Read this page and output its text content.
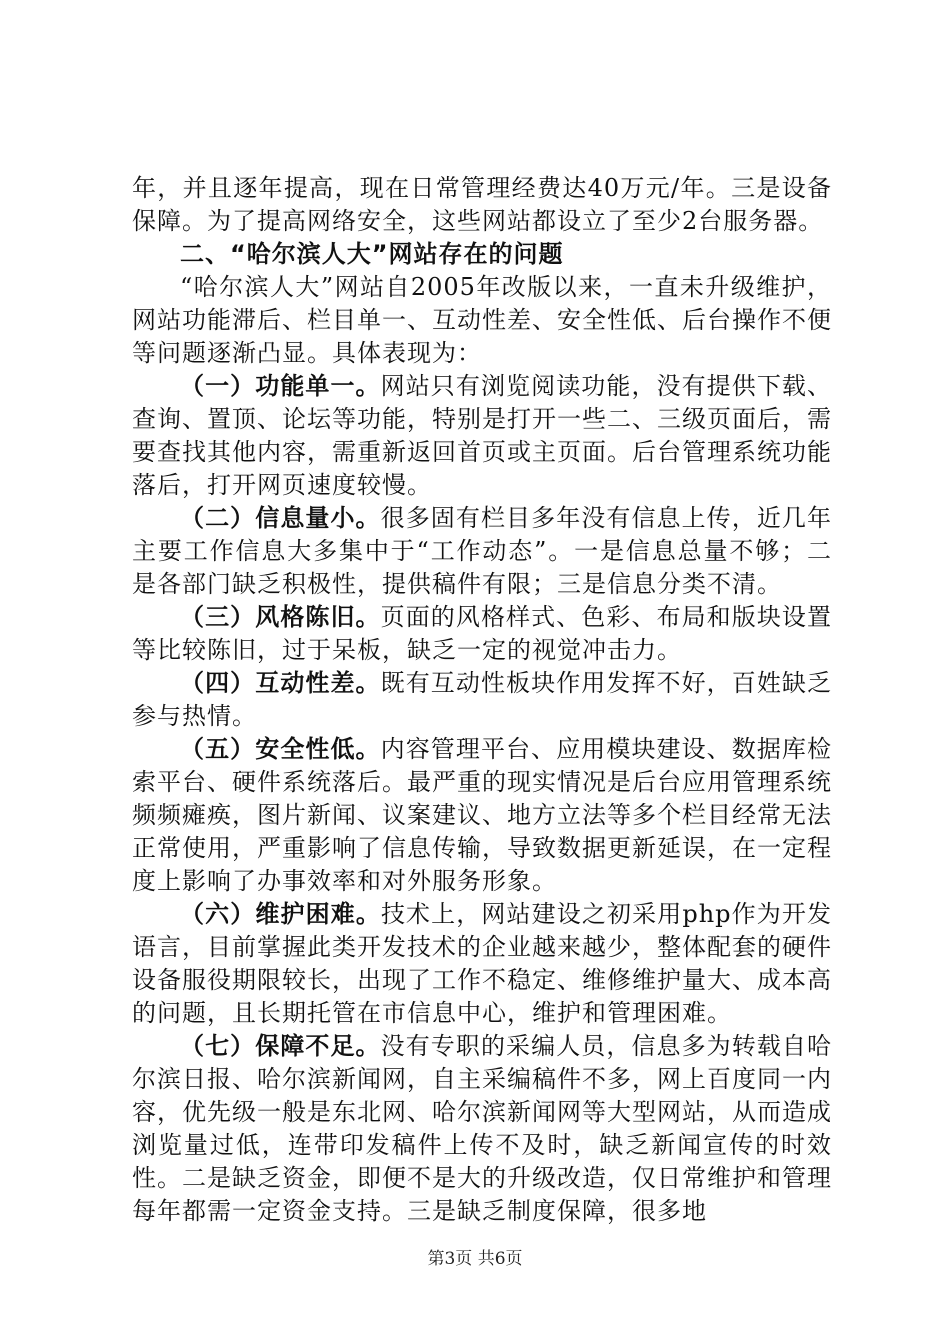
年，并且逐年提高，现在日常管理经费达40万元/年。三是设备保障。为了提高网络安全，这些网站都设立了至少2台服务器。

二、“哈尔滨人大”网站存在的问题

“哈尔滨人大”网站自2005年改版以来，一直未升级维护，网站功能滞后、栏目单一、互动性差、安全性低、后台操作不便等问题逐渐凸显。具体表现为：

（一）功能单一。网站只有浏览阅读功能，没有提供下载、查询、置顶、论坛等功能，特别是打开一些二、三级页面后，需要查找其他内容，需重新返回首页或主页面。后台管理系统功能落后，打开网页速度较慢。

（二）信息量小。很多固有栏目多年没有信息上传，近几年主要工作信息大多集中于“工作动态”。一是信息总量不够；二是各部门缺乏积极性，提供稿件有限；三是信息分类不清。

（三）风格陈旧。页面的风格样式、色彩、布局和版块设置等比较陈旧，过于呆板，缺乏一定的视觉冲击力。

（四）互动性差。既有互动性板块作用发挥不好，百姓缺乏参与热情。

（五）安全性低。内容管理平台、应用模块建设、数据库检索平台、硬件系统落后。最严重的现实情况是后台应用管理系统频频瘫痪，图片新闻、议案建议、地方立法等多个栏目经常无法正常使用，严重影响了信息传输，导致数据更新延误，在一定程度上影响了办事效率和对外服务形象。

（六）维护困难。技术上，网站建设之初采用php作为开发语言，目前掌握此类开发技术的企业越来越少，整体配套的硬件设备服役期限较长，出现了工作不稳定、维修维护量大、成本高的问题，且长期托管在市信息中心，维护和管理困难。

（七）保障不足。没有专职的采编人员，信息多为转载自哈尔滨日报、哈尔滨新闻网，自主采编稿件不多，网上百度同一内容，优先级一般是东北网、哈尔滨新闻网等大型网站，从而造成浏览量过低，连带印发稿件上传不及时，缺乏新闻宣传的时效性。二是缺乏资金，即便不是大的升级改造，仅日常维护和管理每年都需一定资金支持。三是缺乏制度保障，很多地

第3页 共6页
